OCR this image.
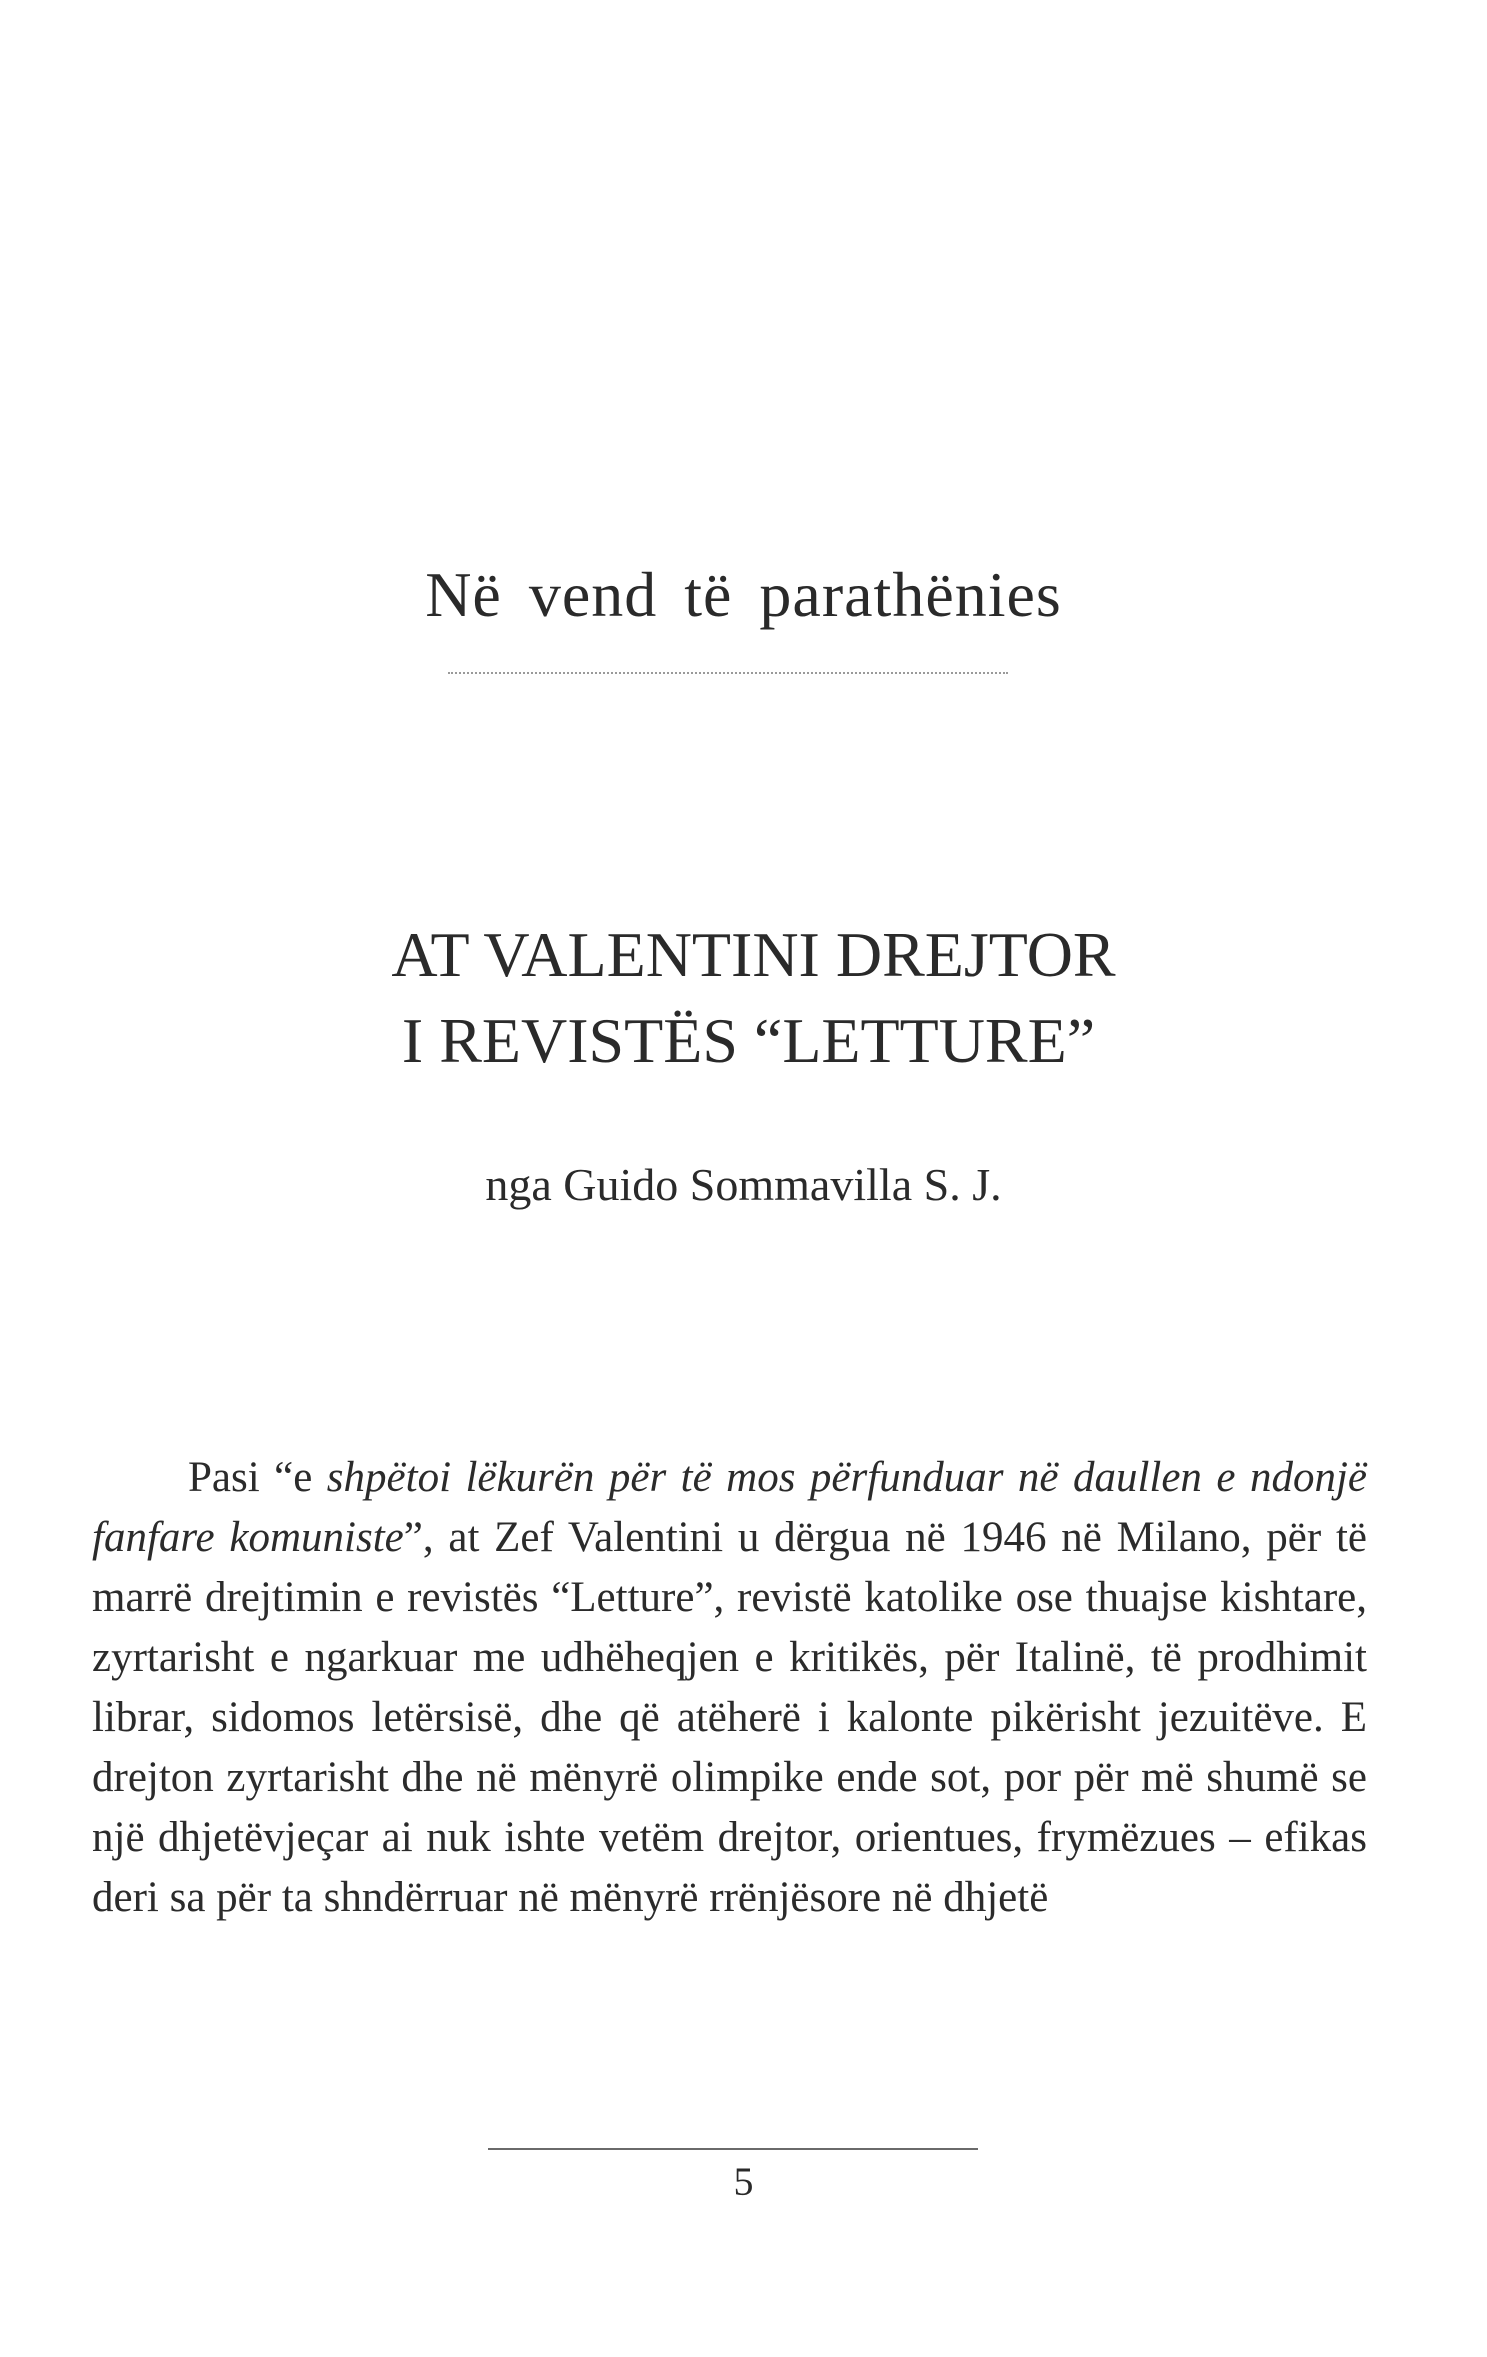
Në vend të parathënies
AT VALENTINI DREJTOR
I REVISTËS “LETTURE”
nga Guido Sommavilla S. J.

Pasi “e shpëtoi lëkurën për të mos përfunduar në daullen e ndonjë fanfare komuniste”, at Zef Valentini u dërgua në 1946 në Milano, për të marrë drejtimin e revistës “Letture”, revistë katolike ose thuajse kishtare, zyrtarisht e ngarkuar me udhëheqjen e kritikës, për Italinë, të prodhimit librar, sidomos letërsisë, dhe që atëherë i kalonte pikërisht jezuitëve. E drejton zyrtarisht dhe në mënyrë olimpike ende sot, por për më shumë se një dhjetëvjeçar ai nuk ishte vetëm drejtor, orientues, frymëzues – efikas deri sa për ta shndërruar në mënyrë rrënjësore në dhjetë

5
